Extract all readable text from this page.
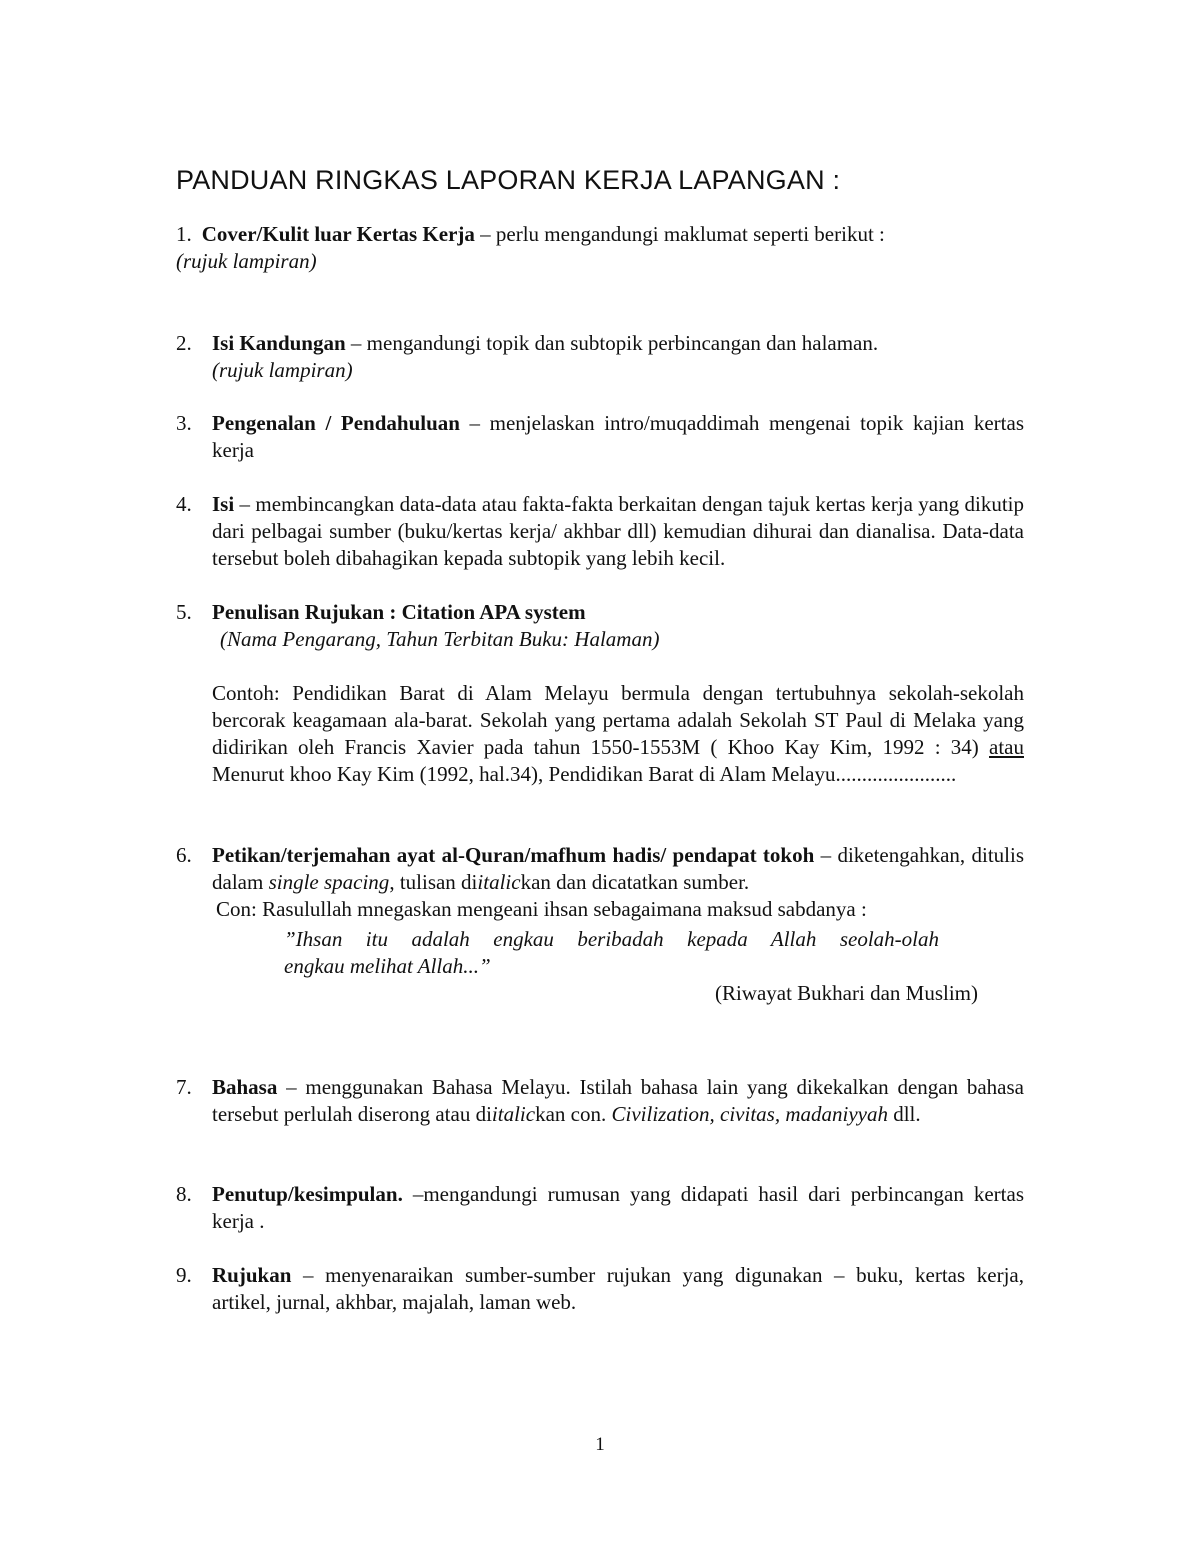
PANDUAN RINGKAS LAPORAN KERJA LAPANGAN :
1. Cover/Kulit luar Kertas Kerja – perlu mengandungi maklumat seperti berikut :
(rujuk lampiran)
2. Isi Kandungan – mengandungi topik dan subtopik perbincangan dan halaman.
(rujuk lampiran)
3. Pengenalan / Pendahuluan – menjelaskan intro/muqaddimah mengenai topik kajian kertas kerja
4. Isi – membincangkan data-data atau fakta-fakta berkaitan dengan tajuk kertas kerja yang dikutip dari pelbagai sumber (buku/kertas kerja/ akhbar dll) kemudian dihurai dan dianalisa. Data-data tersebut boleh dibahagikan kepada subtopik yang lebih kecil.
5. Penulisan Rujukan : Citation APA system
(Nama Pengarang, Tahun Terbitan Buku: Halaman)
Contoh: Pendidikan Barat di Alam Melayu bermula dengan tertubuhnya sekolah-sekolah bercorak keagamaan ala-barat. Sekolah yang pertama adalah Sekolah ST Paul di Melaka yang didirikan oleh Francis Xavier pada tahun 1550-1553M ( Khoo Kay Kim, 1992 : 34) atau Menurut khoo Kay Kim (1992, hal.34), Pendidikan Barat di Alam Melayu.......................
6. Petikan/terjemahan ayat al-Quran/mafhum hadis/ pendapat tokoh – diketengahkan, ditulis dalam single spacing, tulisan diitalickan dan dicatatkan sumber.
Con: Rasulullah mnegaskan mengeani ihsan sebagaimana maksud sabdanya :
”Ihsan itu adalah engkau beribadah kepada Allah seolah-olah
engkau melihat Allah...”
(Riwayat Bukhari dan Muslim)
7. Bahasa – menggunakan Bahasa Melayu. Istilah bahasa lain yang dikekalkan dengan bahasa tersebut perlulah diserong atau diitalickan con. Civilization, civitas, madaniyyah dll.
8. Penutup/kesimpulan. –mengandungi rumusan yang didapati hasil dari perbincangan kertas kerja .
9. Rujukan – menyenaraikan sumber-sumber rujukan yang digunakan – buku, kertas kerja, artikel, jurnal, akhbar, majalah, laman web.
1
